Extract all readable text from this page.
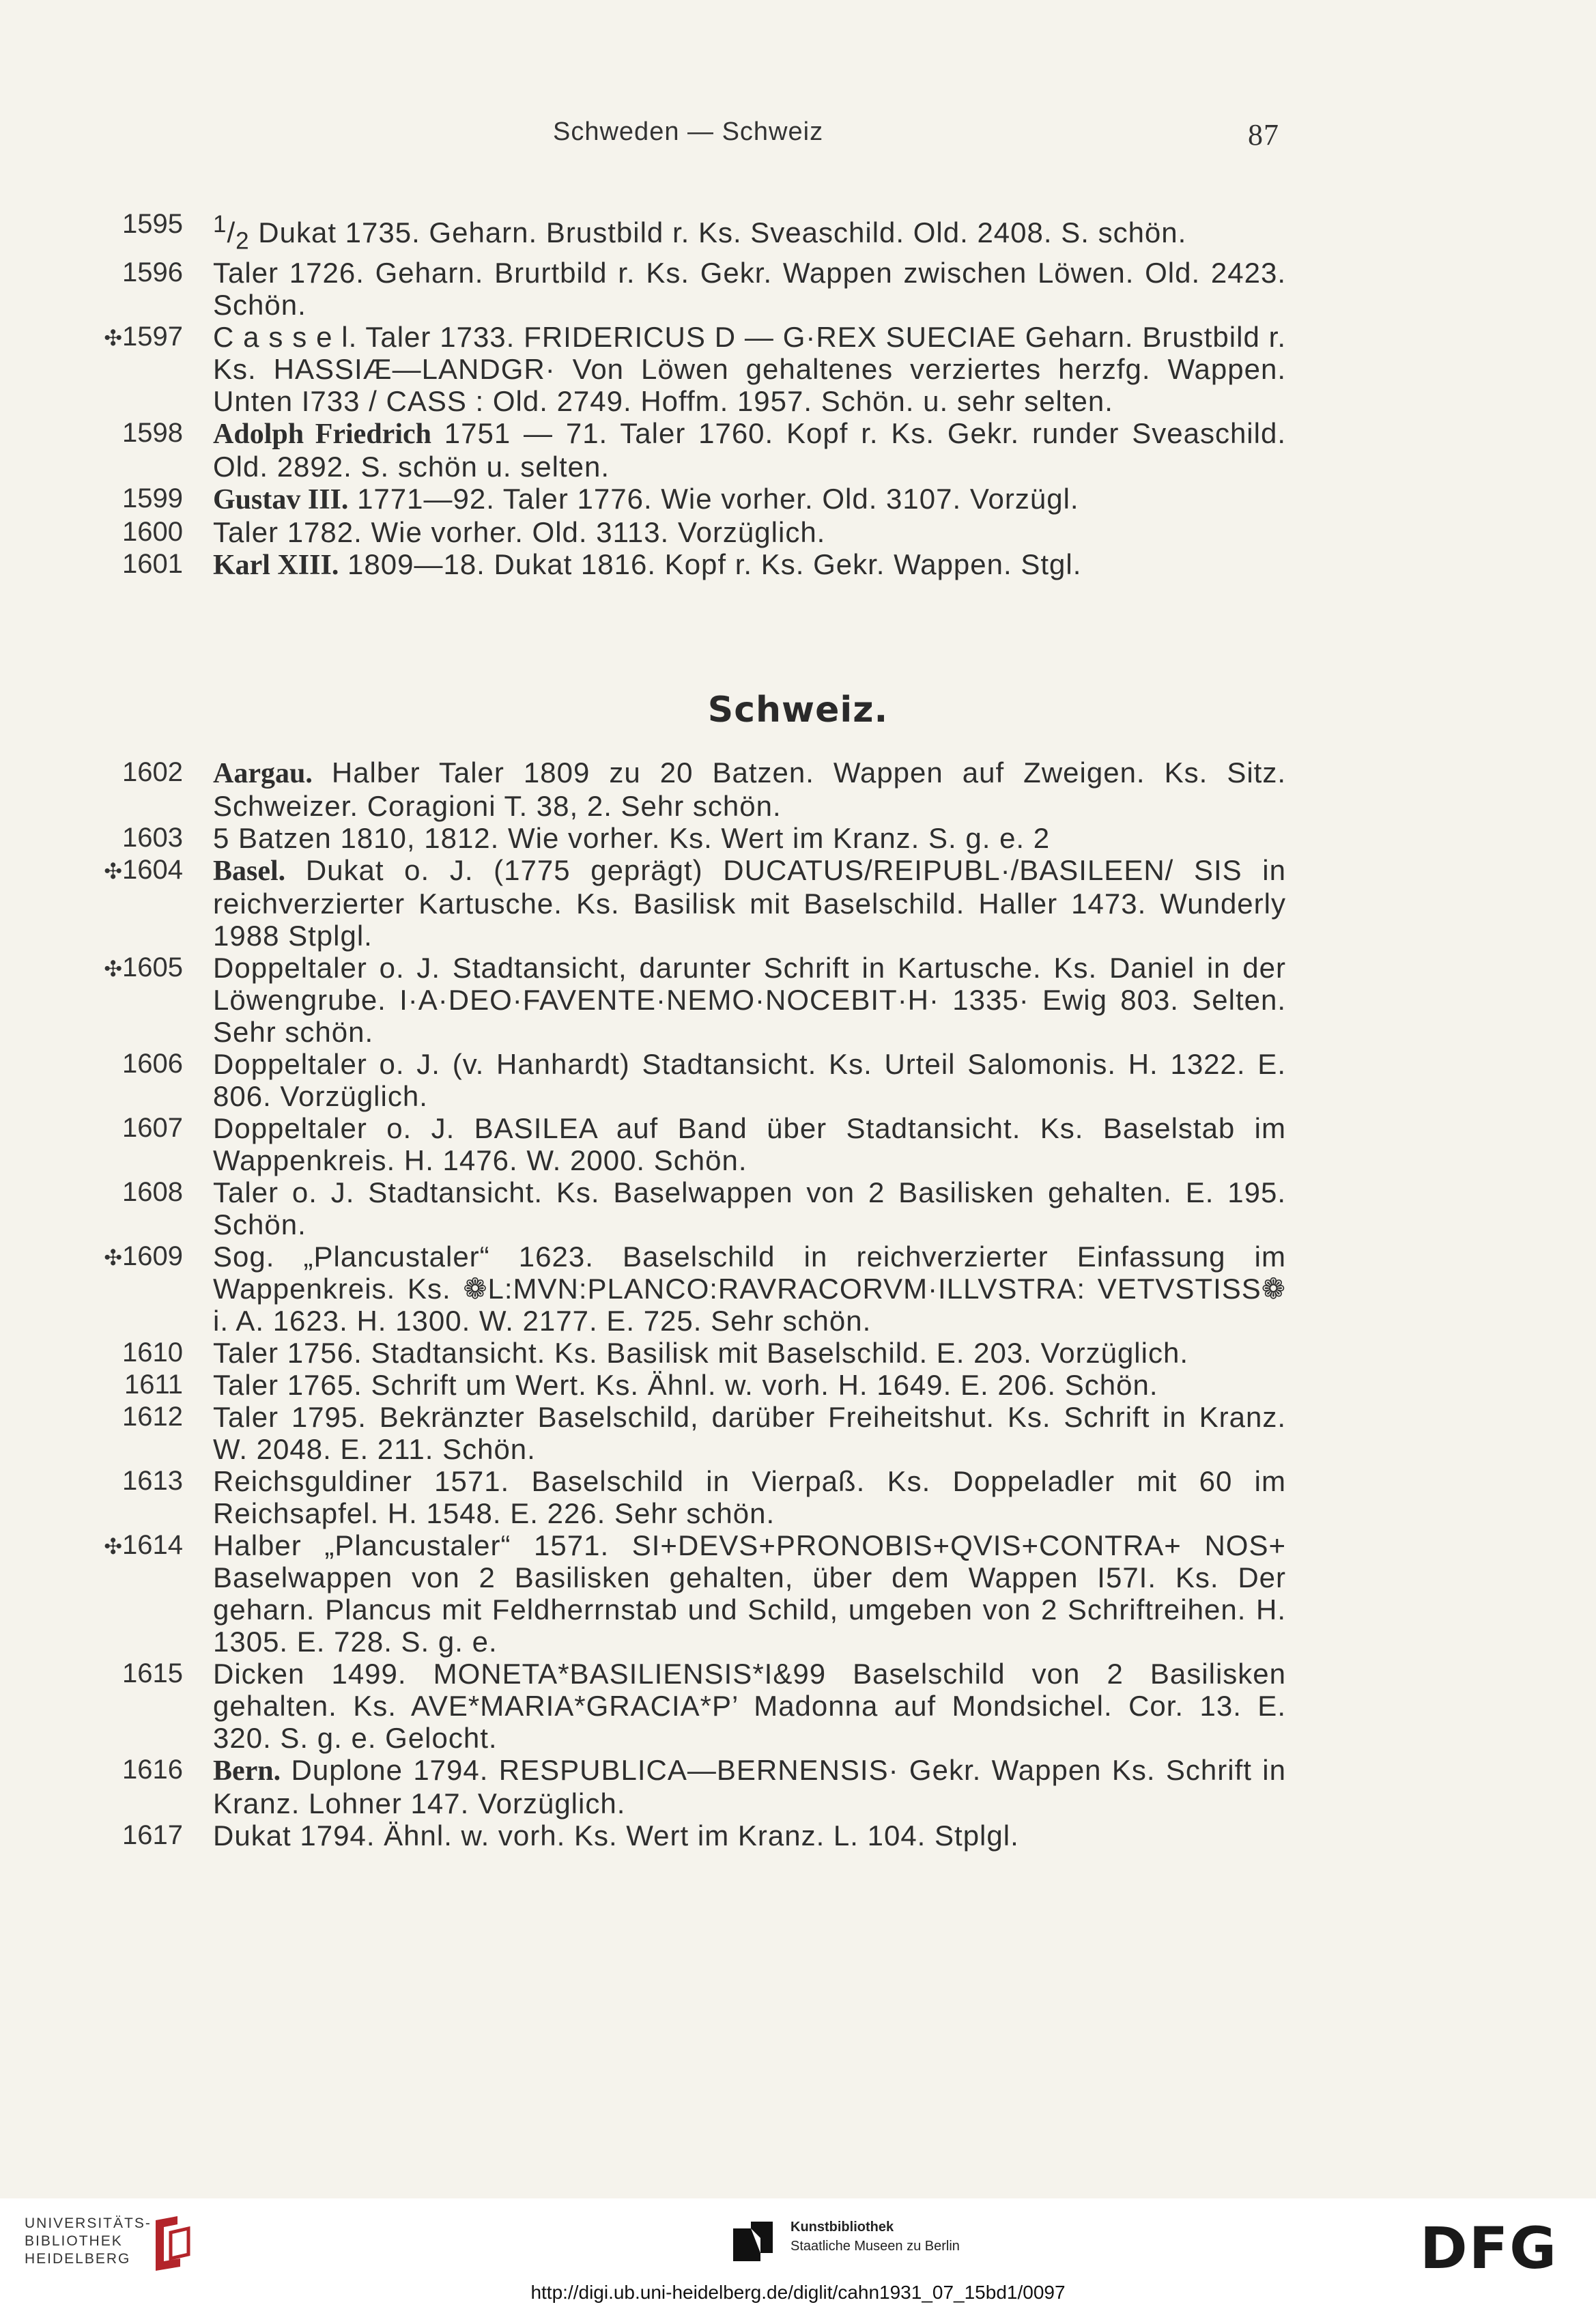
Schweden — Schweiz	87
1595 $^1/_2$ Dukat 1735. Geharn. Brustbild r. Ks. Sveaschild. Old. 2408. S. schön.
1596 Taler 1726. Geharn. Brurtbild r. Ks. Gekr. Wappen zwischen Löwen. Old. 2423. Schön.
✣1597 C a s s e l. Taler 1733. FRIDERICUS D — G·REX SUECIAE Geharn. Brustbild r. Ks. HASSIÆ—LANDGR· Von Löwen gehaltenes verziertes herzfg. Wappen. Unten I733 / CASS : Old. 2749. Hoffm. 1957. Schön. u. sehr selten.
1598 Adolph Friedrich 1751 — 71. Taler 1760. Kopf r. Ks. Gekr. runder Sveaschild. Old. 2892. S. schön u. selten.
1599 Gustav III. 1771—92. Taler 1776. Wie vorher. Old. 3107. Vorzügl.
1600 Taler 1782. Wie vorher. Old. 3113. Vorzüglich.
1601 Karl XIII. 1809—18. Dukat 1816. Kopf r. Ks. Gekr. Wappen. Stgl.
Schweiz.
1602 Aargau. Halber Taler 1809 zu 20 Batzen. Wappen auf Zweigen. Ks. Sitz. Schweizer. Coragioni T. 38, 2. Sehr schön.
1603 5 Batzen 1810, 1812. Wie vorher. Ks. Wert im Kranz. S. g. e. 2
✣1604 Basel. Dukat o. J. (1775 geprägt) DUCATUS/REIPUBL·/BASILEEN/ SIS in reichverzierter Kartusche. Ks. Basilisk mit Baselschild. Haller 1473. Wunderly 1988 Stplgl.
✣1605 Doppeltaler o. J. Stadtansicht, darunter Schrift in Kartusche. Ks. Daniel in der Löwengrube. I·A·DEO·FAVENTE·NEMO·NOCEBIT·H· 1335· Ewig 803. Selten. Sehr schön.
1606 Doppeltaler o. J. (v. Hanhardt) Stadtansicht. Ks. Urteil Salomonis. H. 1322. E. 806. Vorzüglich.
1607 Doppeltaler o. J. BASILEA auf Band über Stadtansicht. Ks. Baselstab im Wappenkreis. H. 1476. W. 2000. Schön.
1608 Taler o. J. Stadtansicht. Ks. Baselwappen von 2 Basilisken gehalten. E. 195. Schön.
✣1609 Sog. „Plancustaler“ 1623. Baselschild in reichverzierter Einfassung im Wappenkreis. Ks. ❁L:MVN:PLANCO:RAVRACORVM·ILLVSTRA: VETVSTISS❁ i. A. 1623. H. 1300. W. 2177. E. 725. Sehr schön.
1610 Taler 1756. Stadtansicht. Ks. Basilisk mit Baselschild. E. 203. Vorzüglich.
1611 Taler 1765. Schrift um Wert. Ks. Ähnl. w. vorh. H. 1649. E. 206. Schön.
1612 Taler 1795. Bekränzter Baselschild, darüber Freiheitshut. Ks. Schrift in Kranz. W. 2048. E. 211. Schön.
1613 Reichsguldiner 1571. Baselschild in Vierpaß. Ks. Doppeladler mit 60 im Reichsapfel. H. 1548. E. 226. Sehr schön.
✣1614 Halber „Plancustaler“ 1571. SI+DEVS+PRONOBIS+QVIS+CONTRA+ NOS+ Baselwappen von 2 Basilisken gehalten, über dem Wappen I57I. Ks. Der geharn. Plancus mit Feldherrnstab und Schild, umgeben von 2 Schriftreihen. H. 1305. E. 728. S. g. e.
1615 Dicken 1499. MONETA*BASILIENSIS*I&99 Baselschild von 2 Basilisken gehalten. Ks. AVE*MARIA*GRACIA*P’ Madonna auf Mondsichel. Cor. 13. E. 320. S. g. e. Gelocht.
1616 Bern. Duplone 1794. RESPUBLICA—BERNENSIS· Gekr. Wappen Ks. Schrift in Kranz. Lohner 147. Vorzüglich.
1617 Dukat 1794. Ähnl. w. vorh. Ks. Wert im Kranz. L. 104. Stplgl.
UNIVERSITÄTS-
BIBLIOTHEK
HEIDELBERG
Kunstbibliothek
Staatliche Museen zu Berlin	DFG
http://digi.ub.uni-heidelberg.de/diglit/cahn1931_07_15bd1/0097
